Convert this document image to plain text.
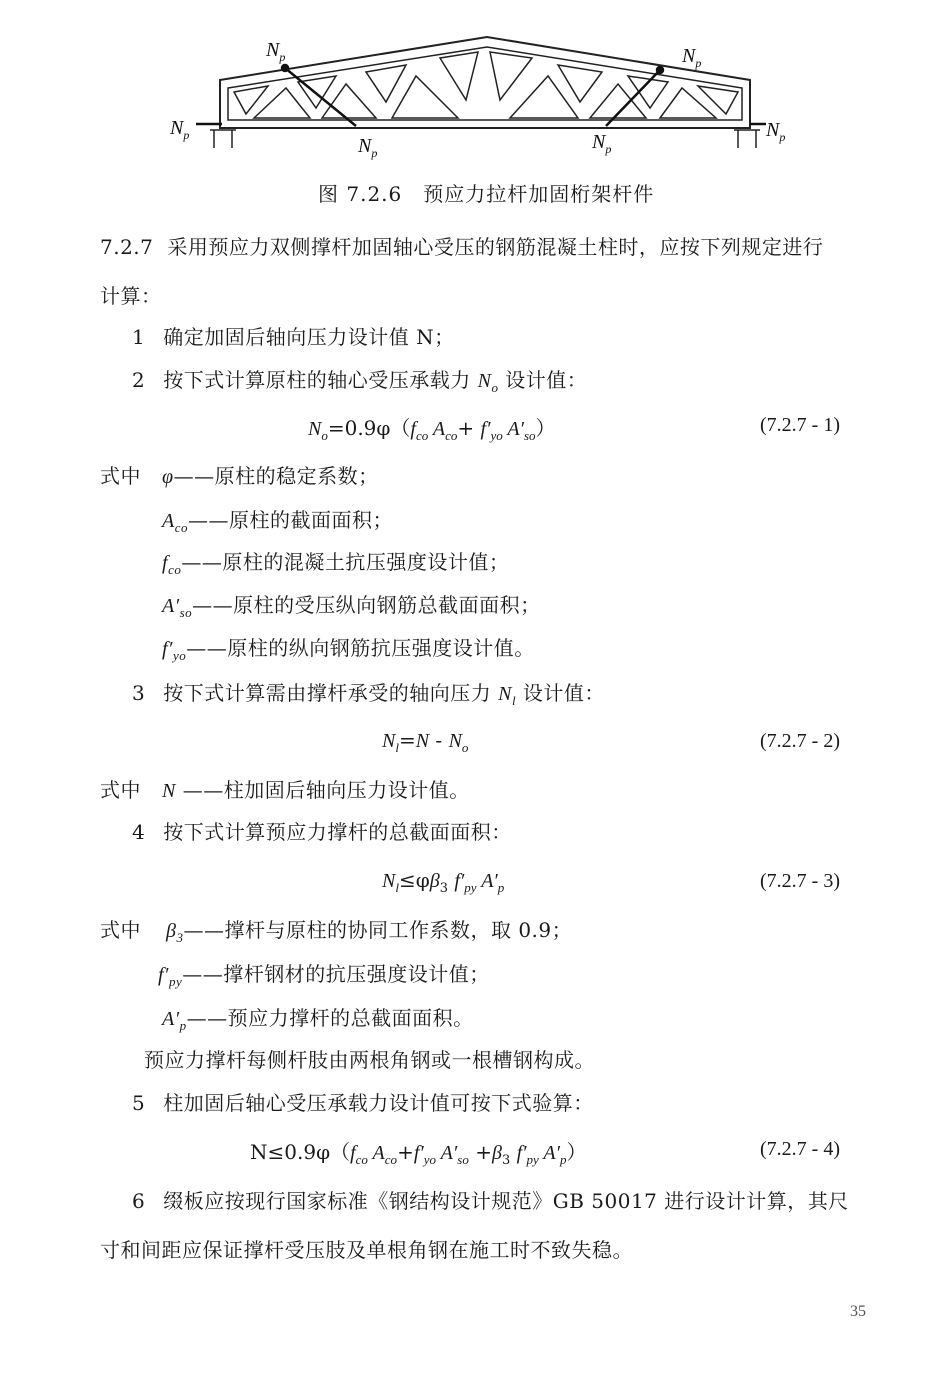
$N_p$	$N_p$
$N_p$	$N_p$
$N_p$	$N_p$
图 7.2.6　预应力拉杆加固桁架杆件
7.2.7 采用预应力双侧撑杆加固轴心受压的钢筋混凝土柱时，应按下列规定进行
计算：
1 确定加固后轴向压力设计值 N；
2 按下式计算原柱的轴心受压承载力 $N_o$ 设计值：
$N_o=0.9\varphi(f_{co}$ $A_{co}+ f'_{yo}$ $A'_{so}$）	(7.2.7 - 1)
式中 φ——原柱的稳定系数；
$A_{co}——$原柱的截面面积；
$f_{co}——$原柱的混凝土抗压强度设计值；
$A'_{so}——$原柱的受压纵向钢筋总截面面积；
$f'_{yo}——$原柱的纵向钢筋抗压强度设计值。
3 按下式计算需由撑杆承受的轴向压力 $N_l$ 设计值：
$N_l=N - N_o$	(7.2.7 - 2)
式中 N ——柱加固后轴向压力设计值。
4 按下式计算预应力撑杆的总截面面积：
$N_l\le\varphi\beta_3$ $f'_{py}$ $A'_p$	(7.2.7 - 3)
式中 $\beta_3——$撑杆与原柱的协同工作系数，取 0.9；
$f'_{py}——$撑杆钢材的抗压强度设计值；
$A'_p——$预应力撑杆的总截面面积。
预应力撑杆每侧杆肢由两根角钢或一根槽钢构成。
5 柱加固后轴心受压承载力设计值可按下式验算：
$N\le 0.9\varphi(f_{co}$ $A_{co}+f'_{yo}$ $A'_{so} +\beta_3$ $f'_{py}$ $A'_p$）	(7.2.7 - 4)
6 缀板应按现行国家标准《钢结构设计规范》GB 50017 进行设计计算，其尺
寸和间距应保证撑杆受压肢及单根角钢在施工时不致失稳。
35
